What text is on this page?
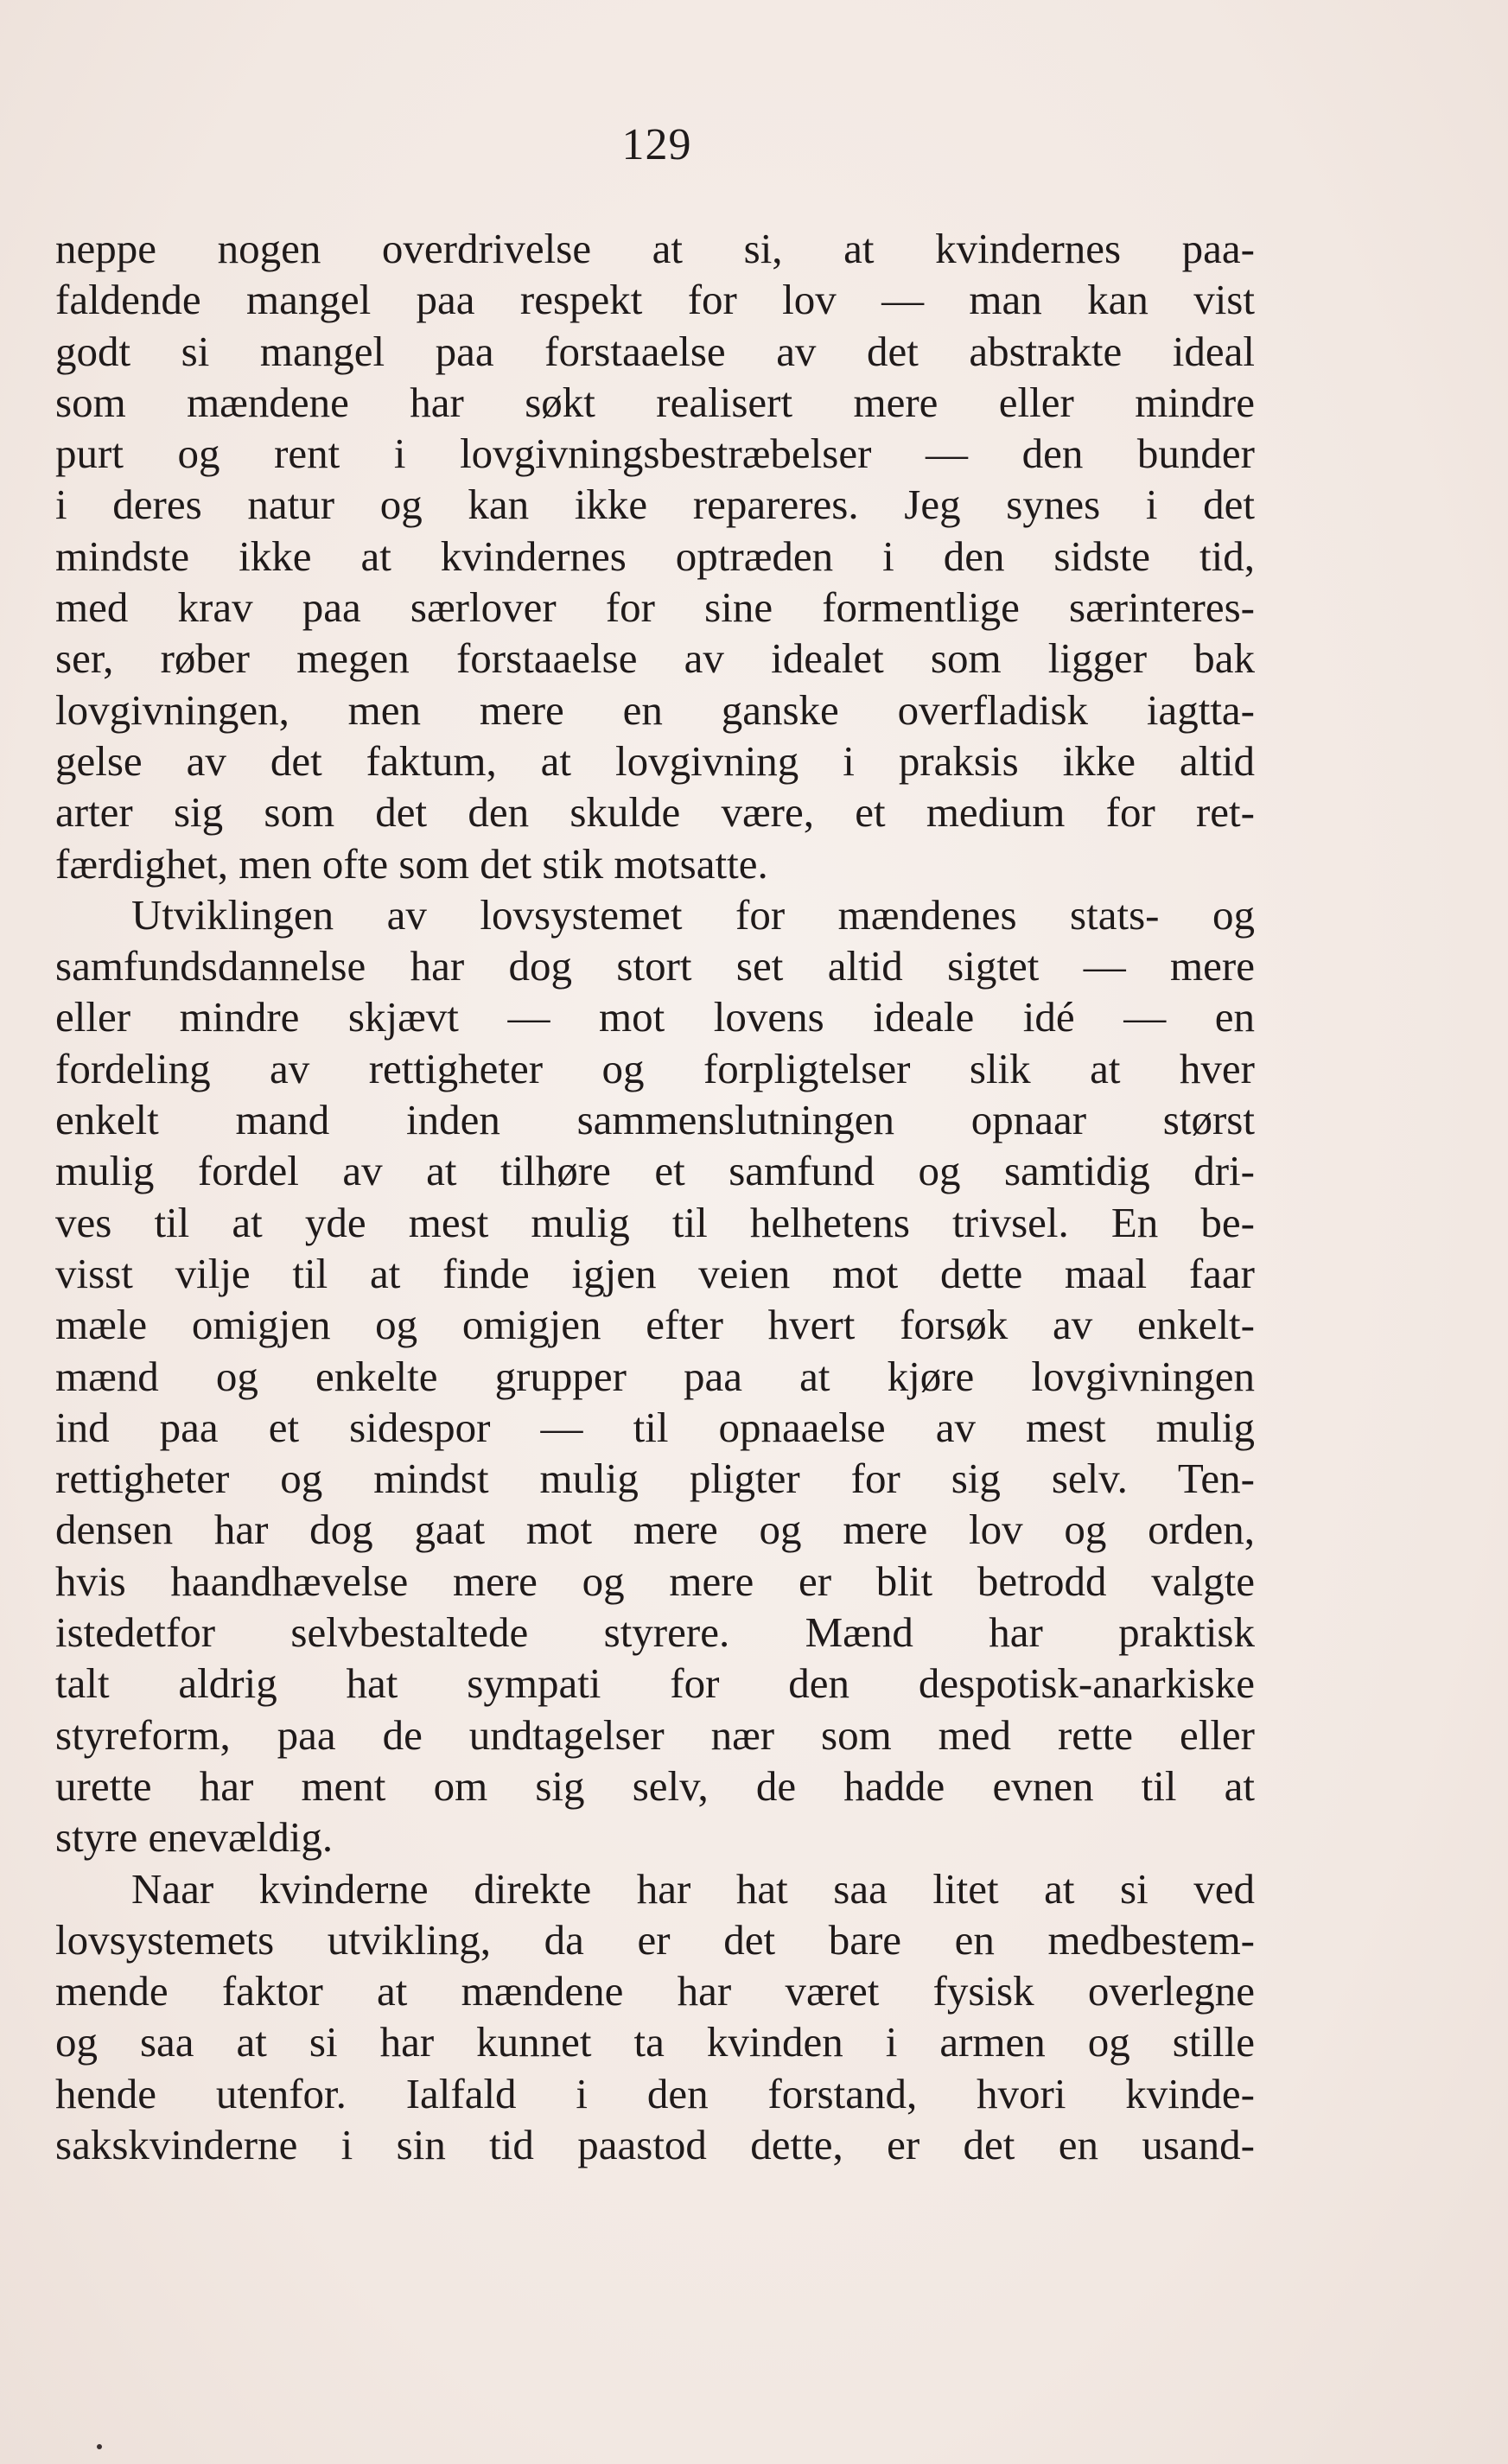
129
neppe nogen overdrivelse at si, at kvindernes paa-
faldende mangel paa respekt for lov — man kan vist
godt si mangel paa forstaaelse av det abstrakte ideal
som mændene har søkt realisert mere eller mindre
purt og rent i lovgivningsbestræbelser — den bunder
i deres natur og kan ikke repareres. Jeg synes i det
mindste ikke at kvindernes optræden i den sidste tid,
med krav paa særlover for sine formentlige særinteres-
ser, røber megen forstaaelse av idealet som ligger bak
lovgivningen, men mere en ganske overfladisk iagtta-
gelse av det faktum, at lovgivning i praksis ikke altid
arter sig som det den skulde være, et medium for ret-
færdighet, men ofte som det stik motsatte.
Utviklingen av lovsystemet for mændenes stats- og
samfundsdannelse har dog stort set altid sigtet — mere
eller mindre skjævt — mot lovens ideale idé — en
fordeling av rettigheter og forpligtelser slik at hver
enkelt mand inden sammenslutningen opnaar størst
mulig fordel av at tilhøre et samfund og samtidig dri-
ves til at yde mest mulig til helhetens trivsel. En be-
visst vilje til at finde igjen veien mot dette maal faar
mæle omigjen og omigjen efter hvert forsøk av enkelt-
mænd og enkelte grupper paa at kjøre lovgivningen
ind paa et sidespor — til opnaaelse av mest mulig
rettigheter og mindst mulig pligter for sig selv. Ten-
densen har dog gaat mot mere og mere lov og orden,
hvis haandhævelse mere og mere er blit betrodd valgte
istedetfor selvbestaltede styrere. Mænd har praktisk
talt aldrig hat sympati for den despotisk-anarkiske
styreform, paa de undtagelser nær som med rette eller
urette har ment om sig selv, de hadde evnen til at
styre enevældig.
Naar kvinderne direkte har hat saa litet at si ved
lovsystemets utvikling, da er det bare en medbestem-
mende faktor at mændene har været fysisk overlegne
og saa at si har kunnet ta kvinden i armen og stille
hende utenfor. Ialfald i den forstand, hvori kvinde-
sakskvinderne i sin tid paastod dette, er det en usand-
